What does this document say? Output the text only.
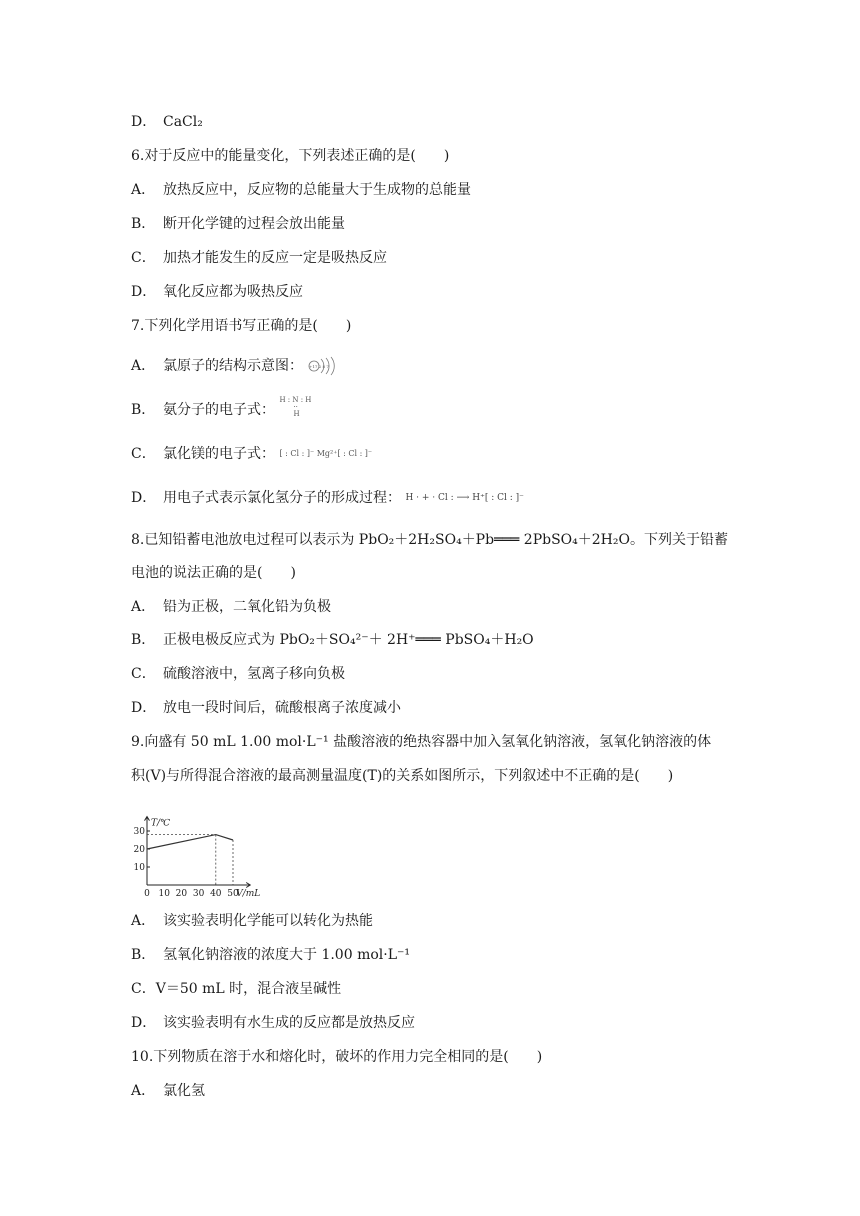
D． CaCl₂
6.对于反应中的能量变化，下列表述正确的是(　　)
A． 放热反应中，反应物的总能量大于生成物的总能量
B． 断开化学键的过程会放出能量
C． 加热才能发生的反应一定是吸热反应
D． 氧化反应都为吸热反应
7.下列化学用语书写正确的是(　　)
A． 氯原子的结构示意图： +17 2 8 7
B． 氨分子的电子式：
H : N : H
··
H
C． 氯化镁的电子式： [ : Cl : ]⁻ Mg²⁺[ : Cl : ]⁻
D． 用电子式表示氯化氢分子的形成过程： H · + · Cl : ⟶ H⁺[ : Cl : ]⁻
8.已知铅蓄电池放电过程可以表示为 PbO₂＋2H₂SO₄＋Pb═══ 2PbSO₄＋2H₂O。下列关于铅蓄
电池的说法正确的是(　　)
A． 铅为正极，二氧化铅为负极
B． 正极电极反应式为 PbO₂＋SO₄²⁻＋ 2H⁺═══ PbSO₄＋H₂O
C． 硫酸溶液中，氢离子移向负极
D． 放电一段时间后，硫酸根离子浓度减小
9.向盛有 50 mL 1.00 mol·L⁻¹ 盐酸溶液的绝热容器中加入氢氧化钠溶液，氢氧化钠溶液的体
积(V)与所得混合溶液的最高测量温度(T)的关系如图所示，下列叙述中不正确的是(　　)
T/℃
V/mL
0 10 20 30 40 50
10
20
30
A． 该实验表明化学能可以转化为热能
B． 氢氧化钠溶液的浓度大于 1.00 mol·L⁻¹
C．V＝50 mL 时，混合液呈碱性
D． 该实验表明有水生成的反应都是放热反应
10.下列物质在溶于水和熔化时，破坏的作用力完全相同的是(　　)
A． 氯化氢
